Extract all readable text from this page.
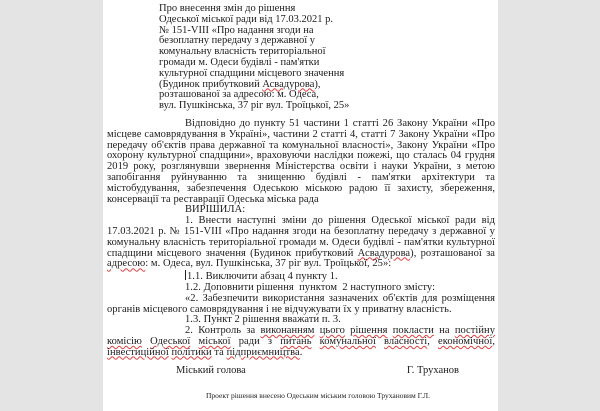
Про внесення змін до рішення
Одеської міської ради від 17.03.2021 р.
№ 151-VIII «Про надання згоди на
безоплатну передачу з державної у
комунальну власність територіальної
громади м. Одеси будівлі - пам'ятки
культурної спадщини місцевого значення
(Будинок прибутковий Асвадурова),
розташованої за адресою: м. Одеса,
вул. Пушкінська, 37 ріг вул. Троїцької, 25»

Відповідно до пункту 51 частини 1 статті 26 Закону України «Про місцеве самоврядування в Україні», частини 2 статті 4, статті 7 Закону України «Про передачу об'єктів права державної та комунальної власності», Закону України «Про охорону культурної спадщини», враховуючи наслідки пожежі, що сталась 04 грудня 2019 року, розглянувши звернення Міністерства освіти і науки України, з метою запобігання руйнуванню та знищенню будівлі - пам'ятки архітектури та містобудування, забезпечення Одеською міською радою її захисту, збереження, консервації та реставрації Одеська міська рада

ВИРІШИЛА:

1. Внести наступні зміни до рішення Одеської міської ради від 17.03.2021 р. № 151-VIII «Про надання згоди на безоплатну передачу з державної у комунальну власність територіальної громади м. Одеси будівлі - пам'ятки культурної спадщини місцевого значення (Будинок прибутковий Асвадурова), розташованої за адресою: м. Одеса, вул. Пушкінська, 37 ріг вул. Троїцької, 25»:

1.1. Виключити абзац 4 пункту 1.

1.2. Доповнити рішення  пунктом  2 наступного змісту:

«2. Забезпечити використання зазначених об'єктів для розміщення органів місцевого самоврядування і не відчужувати їх у приватну власність.

1.3. Пункт 2 рішення вважати п. 3.

2. Контроль за виконанням цього рішення покласти на постійну комісію Одеської міської ради з питань комунальної власності, економічної, інвестиційної політики та підприємництва.

Міський голова	Г. Труханов
Проект рішення внесено Одеським міським головою Трухановим Г.Л.
